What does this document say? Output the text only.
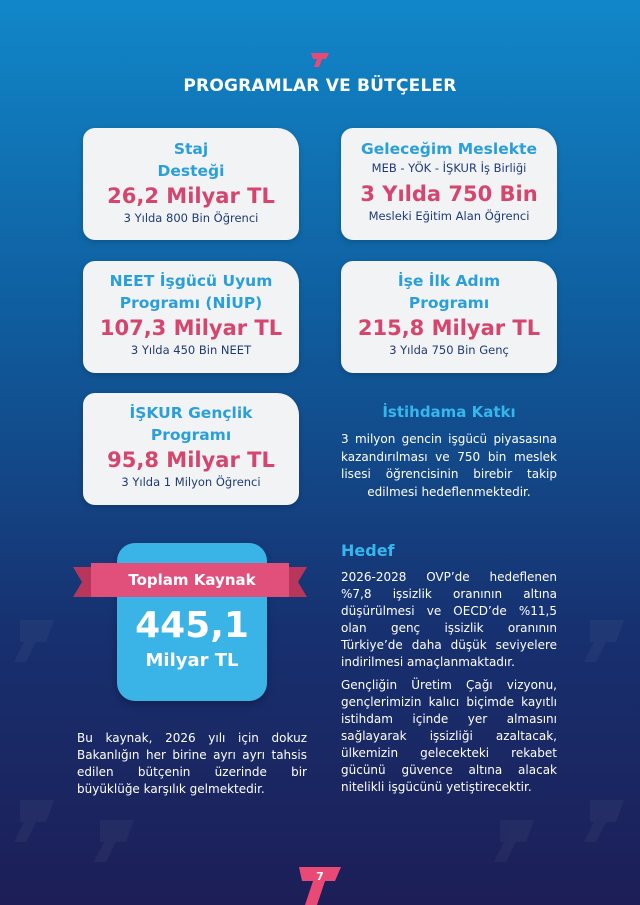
PROGRAMLAR VE BÜTÇELER
Staj
Desteği
26,2 Milyar TL
3 Yılda 800 Bin Öğrenci
Geleceğim Meslekte
MEB - YÖK - İŞKUR İş Birliği
3 Yılda 750 Bin
Mesleki Eğitim Alan Öğrenci
NEET İşgücü Uyum
Programı (NİUP)
107,3 Milyar TL
3 Yılda 450 Bin NEET
İşe İlk Adım
Programı
215,8 Milyar TL
3 Yılda 750 Bin Genç
İŞKUR Gençlik
Programı
95,8 Milyar TL
3 Yılda 1 Milyon Öğrenci
İstihdama Katkı
3 milyon gencin işgücü piyasasına kazandırılması ve 750 bin meslek lisesi öğrencisinin birebir takip edilmesi hedeflenmektedir.
Toplam Kaynak
445,1
Milyar TL
Bu kaynak, 2026 yılı için dokuz Bakanlığın her birine ayrı ayrı tahsis edilen bütçenin üzerinde bir büyüklüğe karşılık gelmektedir.
Hedef
2026-2028 OVP’de hedeflenen %7,8 işsizlik oranının altına düşürülmesi ve OECD’de %11,5 olan genç işsizlik oranının Türkiye’de daha düşük seviyelere indirilmesi amaçlanmaktadır.
Gençliğin Üretim Çağı vizyonu, gençlerimizin kalıcı biçimde kayıtlı istihdam içinde yer almasını sağlayarak işsizliği azaltacak, ülkemizin gelecekteki rekabet gücünü güvence altına alacak nitelikli işgücünü yetiştirecektir.
7
